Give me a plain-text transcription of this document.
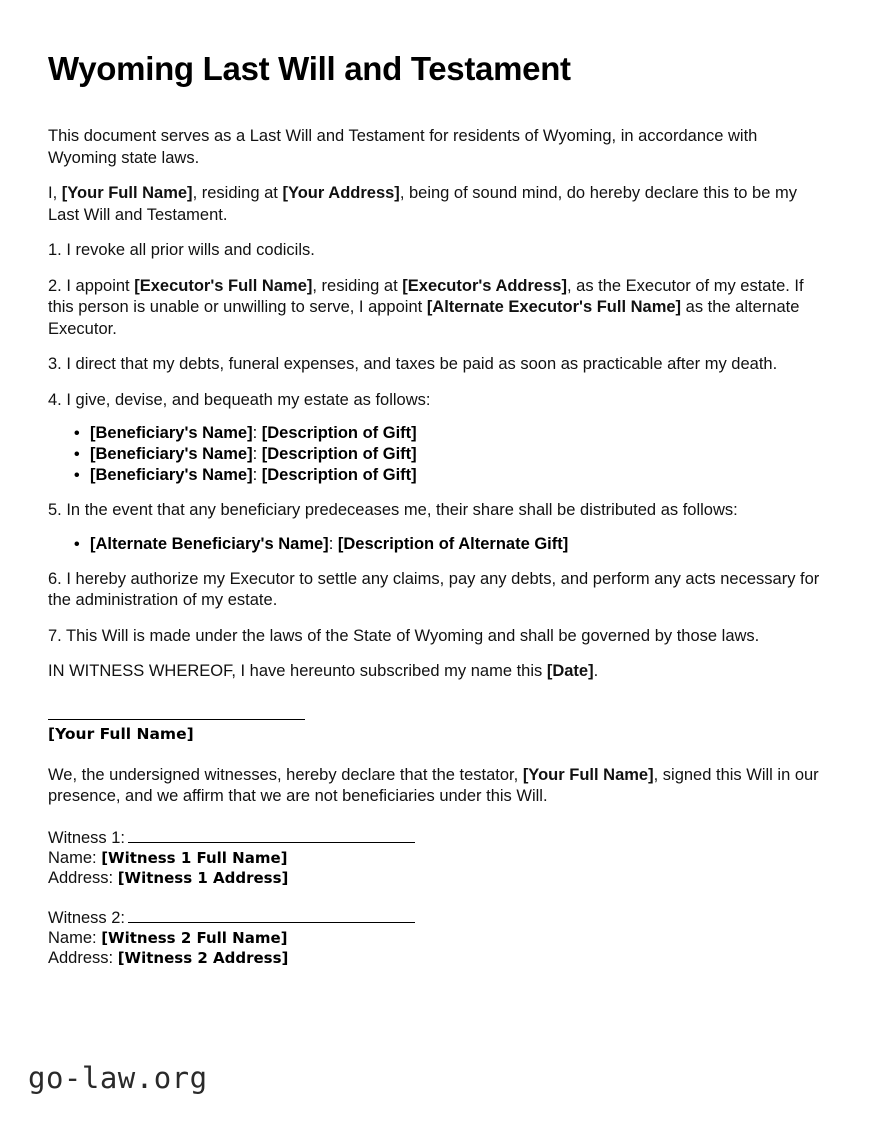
Wyoming Last Will and Testament

This document serves as a Last Will and Testament for residents of Wyoming, in accordance with Wyoming state laws.

I, [Your Full Name], residing at [Your Address], being of sound mind, do hereby declare this to be my Last Will and Testament.

1. I revoke all prior wills and codicils.

2. I appoint [Executor's Full Name], residing at [Executor's Address], as the Executor of my estate. If this person is unable or unwilling to serve, I appoint [Alternate Executor's Full Name] as the alternate Executor.

3. I direct that my debts, funeral expenses, and taxes be paid as soon as practicable after my death.

4. I give, devise, and bequeath my estate as follows:

• [Beneficiary's Name]: [Description of Gift]
• [Beneficiary's Name]: [Description of Gift]
• [Beneficiary's Name]: [Description of Gift]

5. In the event that any beneficiary predeceases me, their share shall be distributed as follows:

• [Alternate Beneficiary's Name]: [Description of Alternate Gift]

6. I hereby authorize my Executor to settle any claims, pay any debts, and perform any acts necessary for the administration of my estate.

7. This Will is made under the laws of the State of Wyoming and shall be governed by those laws.

IN WITNESS WHEREOF, I have hereunto subscribed my name this [Date].

[Your Full Name]

We, the undersigned witnesses, hereby declare that the testator, [Your Full Name], signed this Will in our presence, and we affirm that we are not beneficiaries under this Will.

Witness 1:
Name: [Witness 1 Full Name]
Address: [Witness 1 Address]
Witness 2:
Name: [Witness 2 Full Name]
Address: [Witness 2 Address]
go-law.org
